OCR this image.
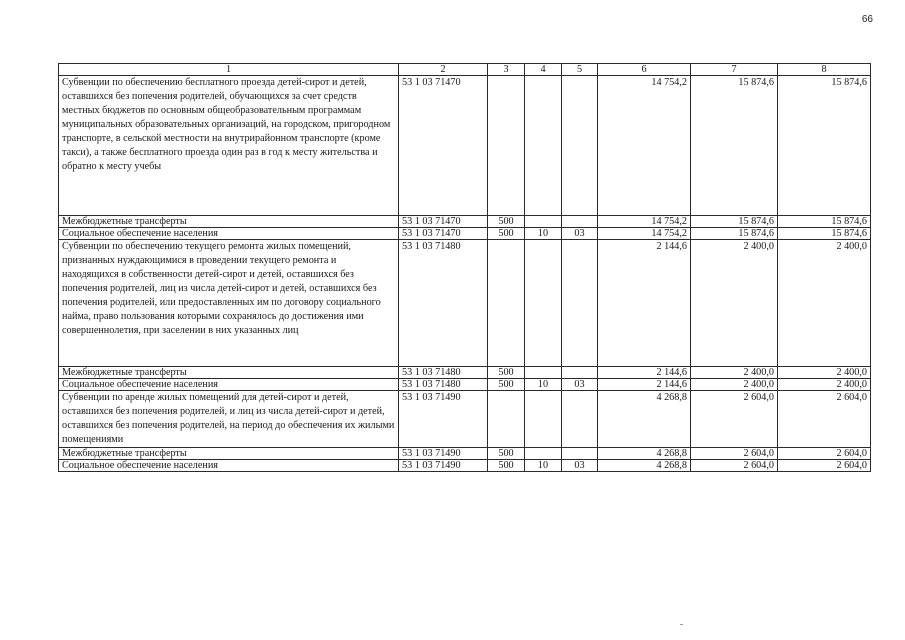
66
1	2	3	4	5	6	7	8
Субвенции по обеспечению бесплатного проезда детей-сирот и детей, оставшихся без попечения родителей, обучающихся за счет средств местных бюджетов по основным общеобразовательным программам муниципальных образовательных организаций, на городском, пригородном транспорте, в сельской местности на внутрирайонном транспорте (кроме такси), а также бесплатного проезда один раз в год к месту жительства и обратно к месту учебы	53 1 03 71470				14 754,2	15 874,6	15 874,6
Межбюджетные трансферты	53 1 03 71470	500			14 754,2	15 874,6	15 874,6
Социальное обеспечение населения	53 1 03 71470	500	10	03	14 754,2	15 874,6	15 874,6
Субвенции по обеспечению текущего ремонта жилых помещений, признанных нуждающимися в проведении текущего ремонта и находящихся в собственности детей-сирот и детей, оставшихся без попечения родителей, лиц из числа детей-сирот и детей, оставшихся без попечения родителей, или предоставленных им по договору социального найма, право пользования которыми сохранялось до достижения ими совершеннолетия, при заселении в них указанных лиц	53 1 03 71480				2 144,6	2 400,0	2 400,0
Межбюджетные трансферты	53 1 03 71480	500			2 144,6	2 400,0	2 400,0
Социальное обеспечение населения	53 1 03 71480	500	10	03	2 144,6	2 400,0	2 400,0
Субвенции по аренде жилых помещений для детей-сирот и детей, оставшихся без попечения родителей, и лиц из числа детей-сирот и детей, оставшихся без попечения родителей, на период до обеспечения их жилыми помещениями	53 1 03 71490				4 268,8	2 604,0	2 604,0
Межбюджетные трансферты	53 1 03 71490	500			4 268,8	2 604,0	2 604,0
Социальное обеспечение населения	53 1 03 71490	500	10	03	4 268,8	2 604,0	2 604,0
